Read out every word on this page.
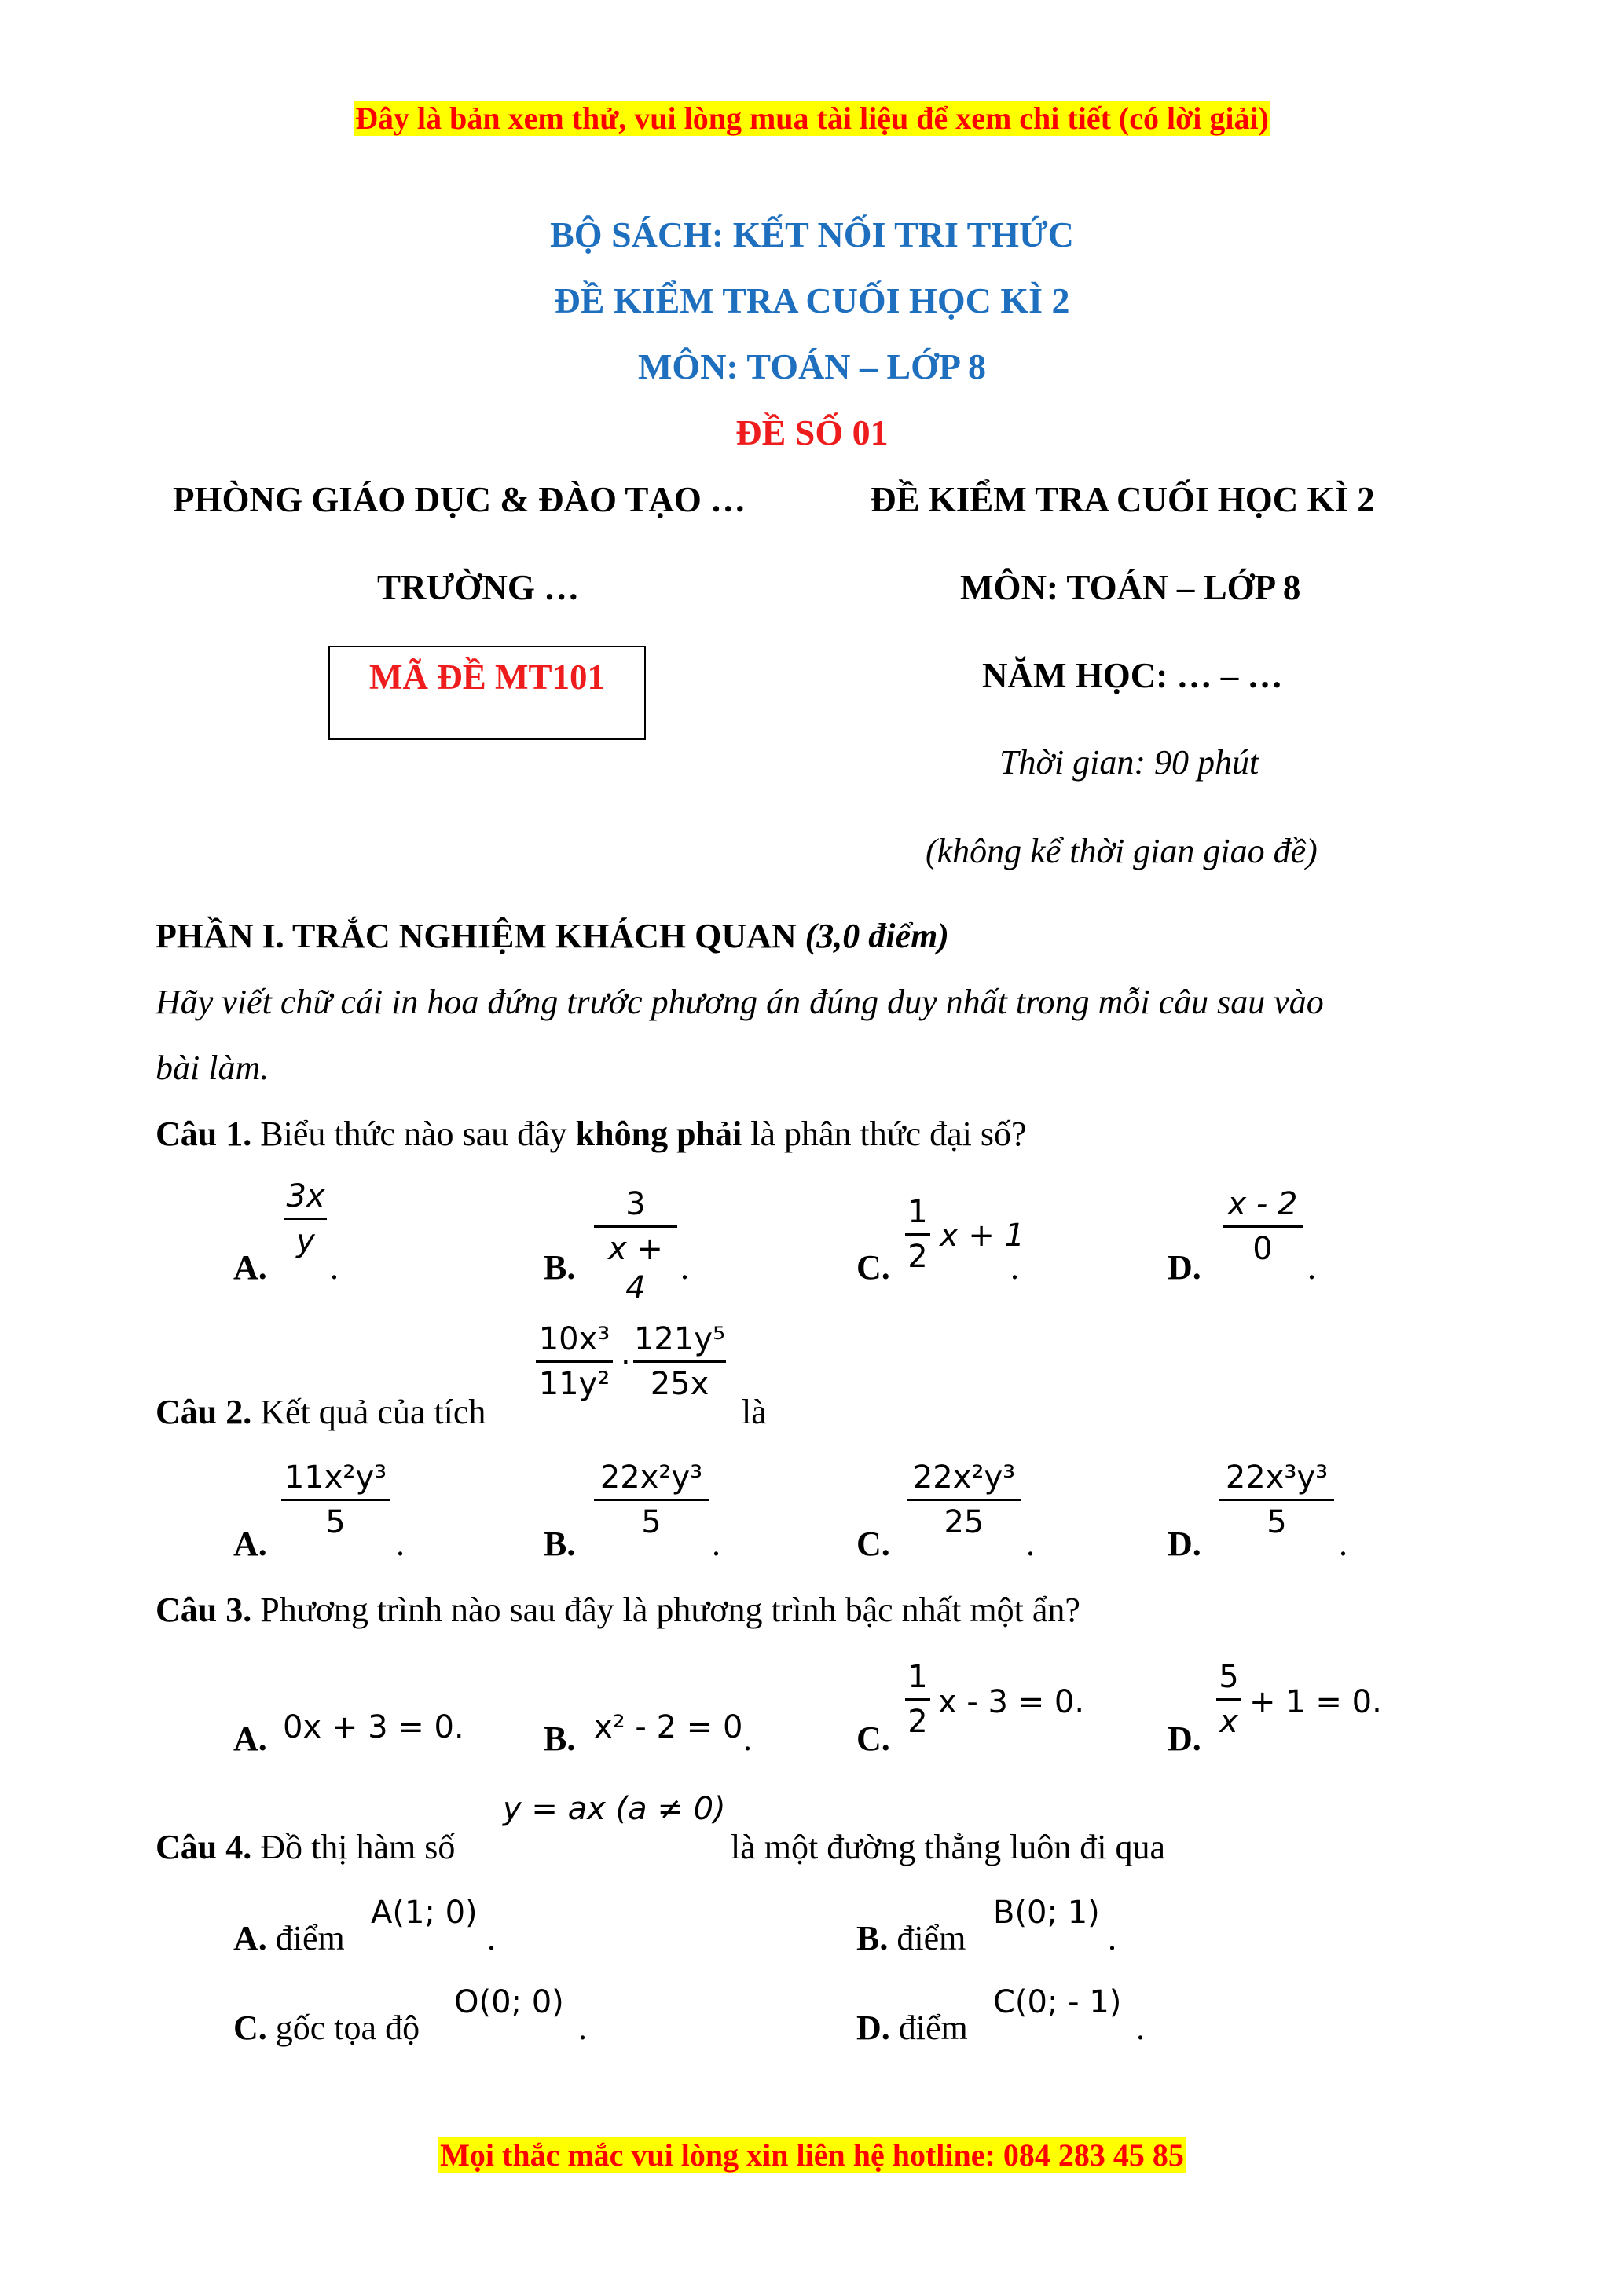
Đây là bản xem thử, vui lòng mua tài liệu để xem chi tiết (có lời giải)
BỘ SÁCH: KẾT NỐI TRI THỨC
ĐỀ KIỂM TRA CUỐI HỌC KÌ 2
MÔN: TOÁN – LỚP 8
ĐỀ SỐ 01
PHÒNG GIÁO DỤC & ĐÀO TẠO …
TRƯỜNG …
MÃ ĐỀ MT101
ĐỀ KIỂM TRA CUỐI HỌC KÌ 2
MÔN: TOÁN – LỚP 8
NĂM HỌC: … – …
Thời gian: 90 phút
(không kể thời gian giao đề)
PHẦN I. TRẮC NGHIỆM KHÁCH QUAN (3,0 điểm)
Hãy viết chữ cái in hoa đứng trước phương án đúng duy nhất trong mỗi câu sau vào
bài làm.
Câu 1. Biểu thức nào sau đây không phải là phân thức đại số?
A.
3x
y
.	B.
3
x + 4
.	C.
1
2
x + 1
.	D.
x - 2
0	.
Câu 2. Kết quả của tích
10x³
11y²
·
121y⁵
25x
là
A.
11x²y³
5
.	B.
22x²y³
5
.	C.
22x²y³
25
.	D.
22x³y³
5
.
Câu 3. Phương trình nào sau đây là phương trình bậc nhất một ẩn?
A. 0x + 3 = 0. B. x² - 2 = 0 .	C.
1
2
x - 3 = 0.
D.
5
x
+ 1 = 0.
Câu 4. Đồ thị hàm số
y = ax (a ≠ 0)
là một đường thẳng luôn đi qua
A. điểm
A(1; 0)
.	B. điểm
B(0; 1)
.
C. gốc tọa độ
O(0; 0)
.	D. điểm
C(0; - 1)
.
Mọi thắc mắc vui lòng xin liên hệ hotline: 084 283 45 85
